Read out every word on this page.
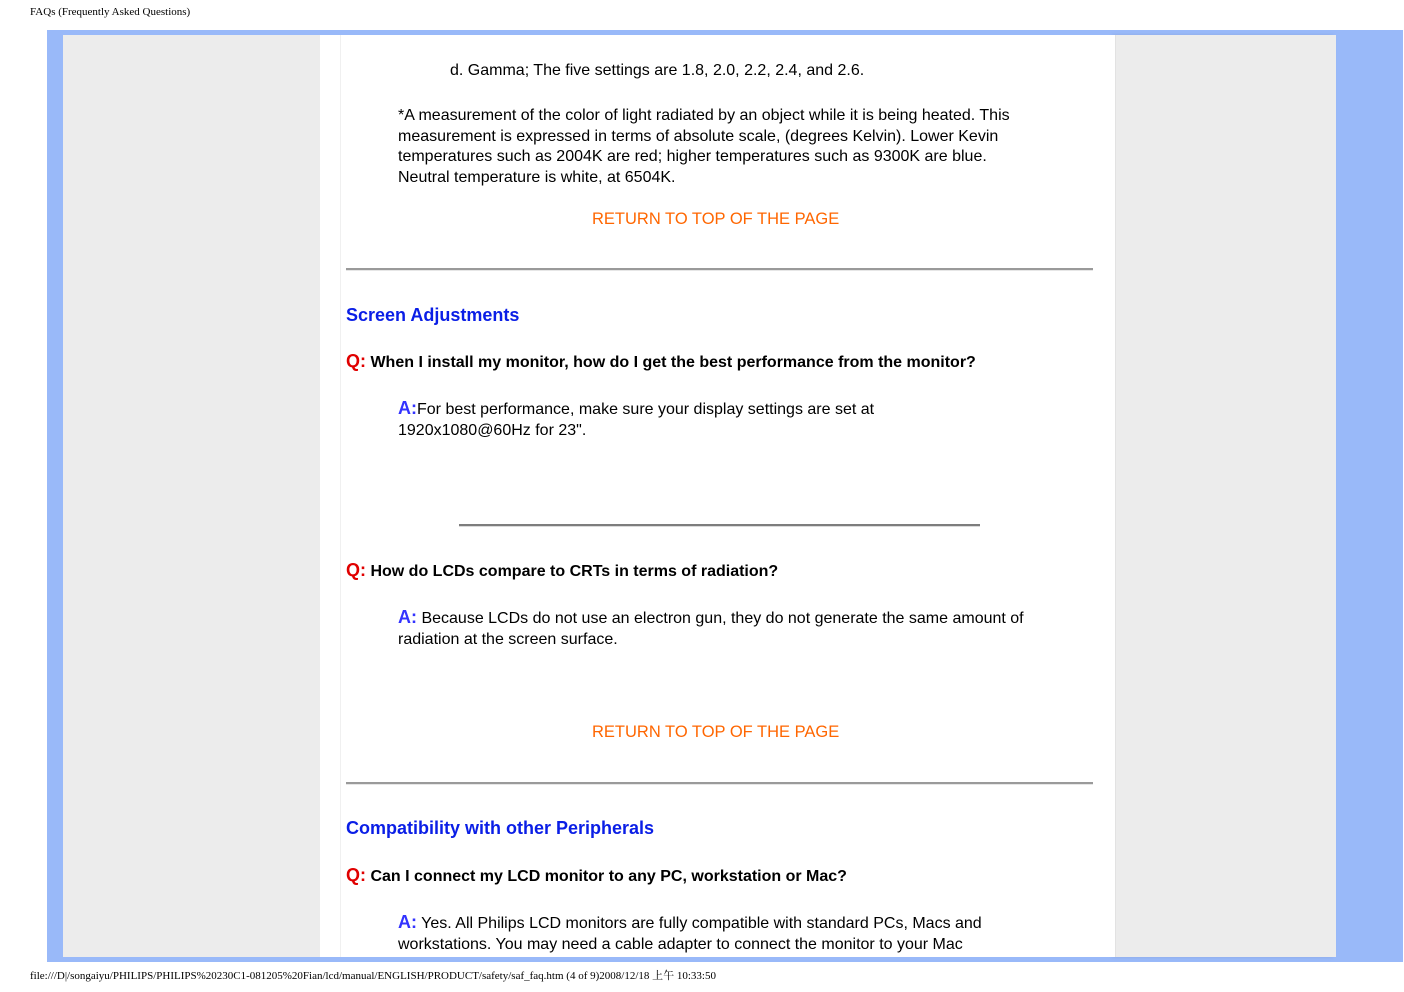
FAQs (Frequently Asked Questions)
d. Gamma; The five settings are 1.8, 2.0, 2.2, 2.4, and 2.6.
*A measurement of the color of light radiated by an object while it is being heated. This measurement is expressed in terms of absolute scale, (degrees Kelvin). Lower Kevin temperatures such as 2004K are red; higher temperatures such as 9300K are blue. Neutral temperature is white, at 6504K.
RETURN TO TOP OF THE PAGE
Screen Adjustments
Q: When I install my monitor, how do I get the best performance from the monitor?
A:For best performance, make sure your display settings are set at 1920x1080@60Hz for 23".
Q: How do LCDs compare to CRTs in terms of radiation?
A: Because LCDs do not use an electron gun, they do not generate the same amount of radiation at the screen surface.
RETURN TO TOP OF THE PAGE
Compatibility with other Peripherals
Q: Can I connect my LCD monitor to any PC, workstation or Mac?
A: Yes. All Philips LCD monitors are fully compatible with standard PCs, Macs and workstations. You may need a cable adapter to connect the monitor to your Mac
file:///D|/songaiyu/PHILIPS/PHILIPS%20230C1-081205%20Fian/lcd/manual/ENGLISH/PRODUCT/safety/saf_faq.htm (4 of 9)2008/12/18 上午 10:33:50
